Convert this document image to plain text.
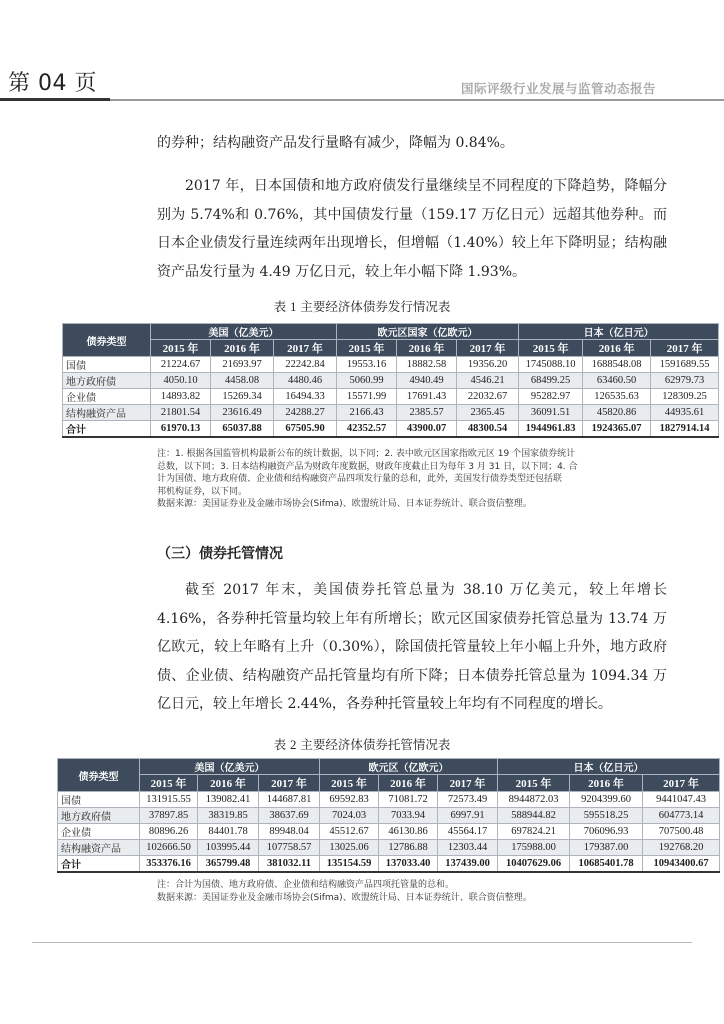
第 04 页	国际评级行业发展与监管动态报告

的券种；结构融资产品发行量略有减少，降幅为 0.84%。

2017 年，日本国债和地方政府债发行量继续呈不同程度的下降趋势，降幅分别为 5.74%和 0.76%，其中国债发行量（159.17 万亿日元）远超其他券种。而日本企业债发行量连续两年出现增长，但增幅（1.40%）较上年下降明显；结构融资产品发行量为 4.49 万亿日元，较上年小幅下降 1.93%。

表 1 主要经济体债券发行情况表
债券类型	美国（亿美元）			欧元区国家（亿欧元）			日本（亿日元）		
	2015 年	2016 年	2017 年	2015 年	2016 年	2017 年	2015 年	2016 年	2017 年
国债	21224.67	21693.97	22242.84	19553.16	18882.58	19356.20	1745088.10	1688548.08	1591689.55
地方政府债	4050.10	4458.08	4480.46	5060.99	4940.49	4546.21	68499.25	63460.50	62979.73
企业债	14893.82	15269.34	16494.33	15571.99	17691.43	22032.67	95282.97	126535.63	128309.25
结构融资产品	21801.54	23616.49	24288.27	2166.43	2385.57	2365.45	36091.51	45820.86	44935.61
合计	61970.13	65037.88	67505.90	42352.57	43900.07	48300.54	1944961.83	1924365.07	1827914.14
注：1. 根据各国监管机构最新公布的统计数据，以下同；2. 表中欧元区国家指欧元区 19 个国家债券统计
总数，以下同；3. 日本结构融资产品为财政年度数据，财政年度截止日为每年 3 月 31 日，以下同；4. 合
计为国债、地方政府债、企业债和结构融资产品四项发行量的总和，此外，美国发行债券类型还包括联
邦机构证券，以下同。
数据来源：美国证券业及金融市场协会(Sifma)、欧盟统计局、日本证券统计、联合资信整理。
（三）债券托管情况

截至 2017 年末，美国债券托管总量为 38.10 万亿美元，较上年增长 4.16%，各券种托管量均较上年有所增长；欧元区国家债券托管总量为 13.74 万亿欧元，较上年略有上升（0.30%），除国债托管量较上年小幅上升外，地方政府债、企业债、结构融资产品托管量均有所下降；日本债券托管总量为 1094.34 万亿日元，较上年增长 2.44%，各券种托管量较上年均有不同程度的增长。

表 2 主要经济体债券托管情况表
债券类型	美国（亿美元）			欧元区（亿欧元）			日本（亿日元）		
	2015 年	2016 年	2017 年	2015 年	2016 年	2017 年	2015 年	2016 年	2017 年
国债	131915.55	139082.41	144687.81	69592.83	71081.72	72573.49	8944872.03	9204399.60	9441047.43
地方政府债	37897.85	38319.85	38637.69	7024.03	7033.94	6997.91	588944.82	595518.25	604773.14
企业债	80896.26	84401.78	89948.04	45512.67	46130.86	45564.17	697824.21	706096.93	707500.48
结构融资产品	102666.50	103995.44	107758.57	13025.06	12786.88	12303.44	175988.00	179387.00	192768.20
合计	353376.16	365799.48	381032.11	135154.59	137033.40	137439.00	10407629.06	10685401.78	10943400.67
注：合计为国债、地方政府债、企业债和结构融资产品四项托管量的总和。
数据来源：美国证券业及金融市场协会(Sifma)、欧盟统计局、日本证券统计、联合资信整理。
